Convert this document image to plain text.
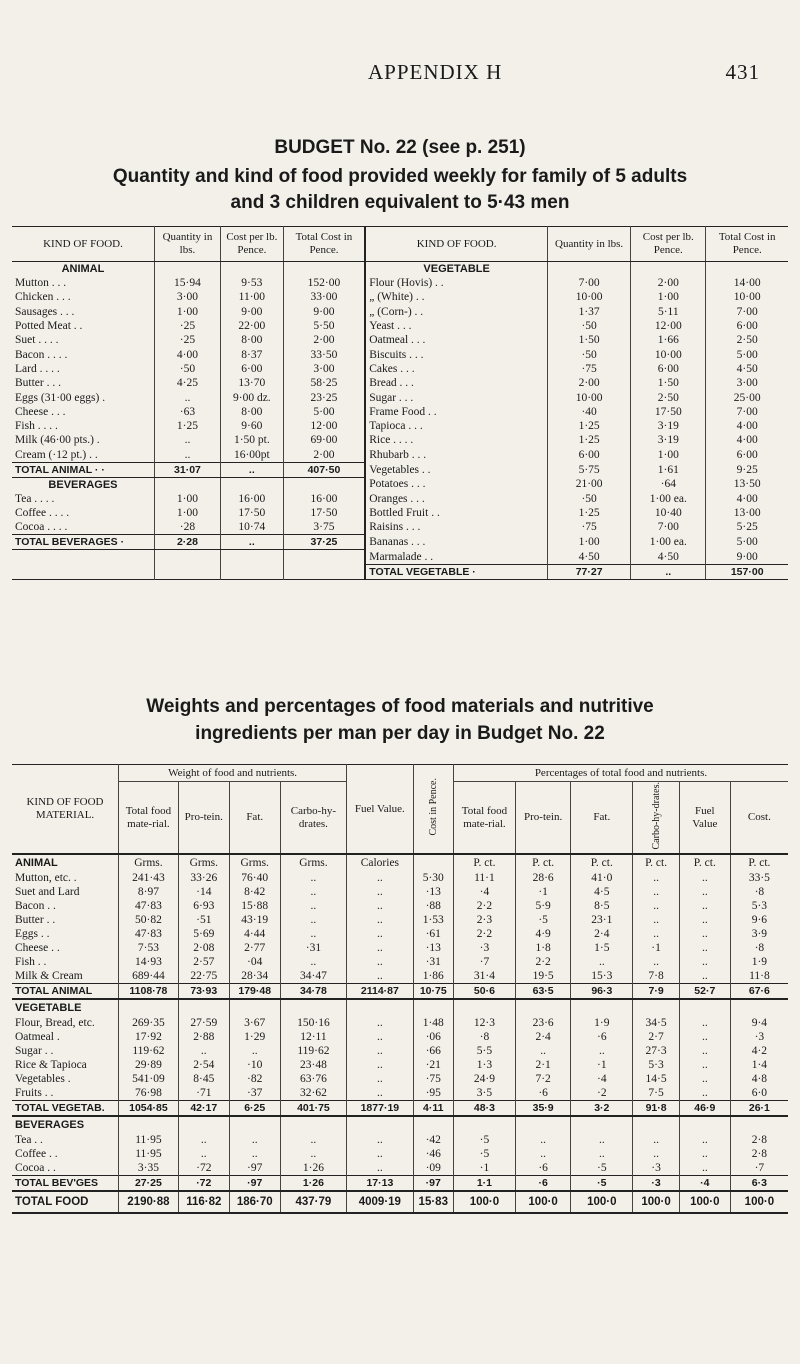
APPENDIX H	431
BUDGET No. 22 (see p. 251)
Quantity and kind of food provided weekly for family of 5 adults
and 3 children equivalent to 5·43 men
KIND OF FOOD.	Quantity in lbs.	Cost per lb. Pence.	Total Cost in Pence.	KIND OF FOOD.	Quantity in lbs.	Cost per lb. Pence.	Total Cost in Pence.
ANIMAL				VEGETABLE			
Mutton . . .	15·94	9·53	152·00	Flour (Hovis) . .	7·00	2·00	14·00
Chicken . . .	3·00	11·00	33·00	„ (White) . .	10·00	1·00	10·00
Sausages . . .	1·00	9·00	9·00	„ (Corn-) . .	1·37	5·11	7·00
Potted Meat . .	·25	22·00	5·50	Yeast . . .	·50	12·00	6·00
Suet . . . .	·25	8·00	2·00	Oatmeal . . .	1·50	1·66	2·50
Bacon . . . .	4·00	8·37	33·50	Biscuits . . .	·50	10·00	5·00
Lard . . . .	·50	6·00	3·00	Cakes . . .	·75	6·00	4·50
Butter . . .	4·25	13·70	58·25	Bread . . .	2·00	1·50	3·00
Eggs (31·00 eggs) .	..	9·00 dz.	23·25	Sugar . . .	10·00	2·50	25·00
Cheese . . .	·63	8·00	5·00	Frame Food . .	·40	17·50	7·00
Fish . . . .	1·25	9·60	12·00	Tapioca . . .	1·25	3·19	4·00
Milk (46·00 pts.) .	..	1·50 pt.	69·00	Rice . . . .	1·25	3·19	4·00
Cream (·12 pt.) . .	..	16·00pt	2·00	Rhubarb . . .	6·00	1·00	6·00
TOTAL ANIMAL · ·	31·07	..	407·50	Vegetables . .	5·75	1·61	9·25
BEVERAGES				Potatoes . . .	21·00	·64	13·50
Tea . . . .	1·00	16·00	16·00	Oranges . . .	·50	1·00 ea.	4·00
Coffee . . . .	1·00	17·50	17·50	Bottled Fruit . .	1·25	10·40	13·00
Cocoa . . . .	·28	10·74	3·75	Raisins . . .	·75	7·00	5·25
TOTAL BEVERAGES ·	2·28	..	37·25	Bananas . . .	1·00	1·00 ea.	5·00
				Marmalade . .	4·50	4·50	9·00
				TOTAL VEGETABLE ·	77·27	..	157·00
Weights and percentages of food materials and nutritive
ingredients per man per day in Budget No. 22
KIND OF FOOD MATERIAL.	Weight of food and nutrients.				Fuel Value.	Cost in Pence.	Percentages of total food and nutrients.					
	Total food mate-rial.	Pro-tein.	Fat.	Carbo-hy-drates.			Total food mate-rial.	Pro-tein.	Fat.	Carbo-hy-drates.	Fuel Value	Cost.
ANIMAL	Grms.	Grms.	Grms.	Grms.	Calories		P. ct.	P. ct.	P. ct.	P. ct.	P. ct.	P. ct.
Mutton, etc. .	241·43	33·26	76·40	..	..	5·30	11·1	28·6	41·0	..	..	33·5
Suet and Lard	8·97	·14	8·42	..	..	·13	·4	·1	4·5	..	..	·8
Bacon . .	47·83	6·93	15·88	..	..	·88	2·2	5·9	8·5	..	..	5·3
Butter . .	50·82	·51	43·19	..	..	1·53	2·3	·5	23·1	..	..	9·6
Eggs . .	47·83	5·69	4·44	..	..	·61	2·2	4·9	2·4	..	..	3·9
Cheese . .	7·53	2·08	2·77	·31	..	·13	·3	1·8	1·5	·1	..	·8
Fish . .	14·93	2·57	·04	..	..	·31	·7	2·2	..	..	..	1·9
Milk & Cream	689·44	22·75	28·34	34·47	..	1·86	31·4	19·5	15·3	7·8	..	11·8
TOTAL ANIMAL	1108·78	73·93	179·48	34·78	2114·87	10·75	50·6	63·5	96·3	7·9	52·7	67·6
VEGETABLE												
Flour, Bread, etc.	269·35	27·59	3·67	150·16	..	1·48	12·3	23·6	1·9	34·5	..	9·4
Oatmeal .	17·92	2·88	1·29	12·11	..	·06	·8	2·4	·6	2·7	..	·3
Sugar . .	119·62	..	..	119·62	..	·66	5·5	..	..	27·3	..	4·2
Rice & Tapioca	29·89	2·54	·10	23·48	..	·21	1·3	2·1	·1	5·3	..	1·4
Vegetables .	541·09	8·45	·82	63·76	..	·75	24·9	7·2	·4	14·5	..	4·8
Fruits . .	76·98	·71	·37	32·62	..	·95	3·5	·6	·2	7·5	..	6·0
TOTAL VEGETAB.	1054·85	42·17	6·25	401·75	1877·19	4·11	48·3	35·9	3·2	91·8	46·9	26·1
BEVERAGES												
Tea . .	11·95	..	..	..	..	·42	·5	..	..	..	..	2·8
Coffee . .	11·95	..	..	..	..	·46	·5	..	..	..	..	2·8
Cocoa . .	3·35	·72	·97	1·26	..	·09	·1	·6	·5	·3	..	·7
TOTAL BEV'GES	27·25	·72	·97	1·26	17·13	·97	1·1	·6	·5	·3	·4	6·3
TOTAL FOOD	2190·88	116·82	186·70	437·79	4009·19	15·83	100·0	100·0	100·0	100·0	100·0	100·0
